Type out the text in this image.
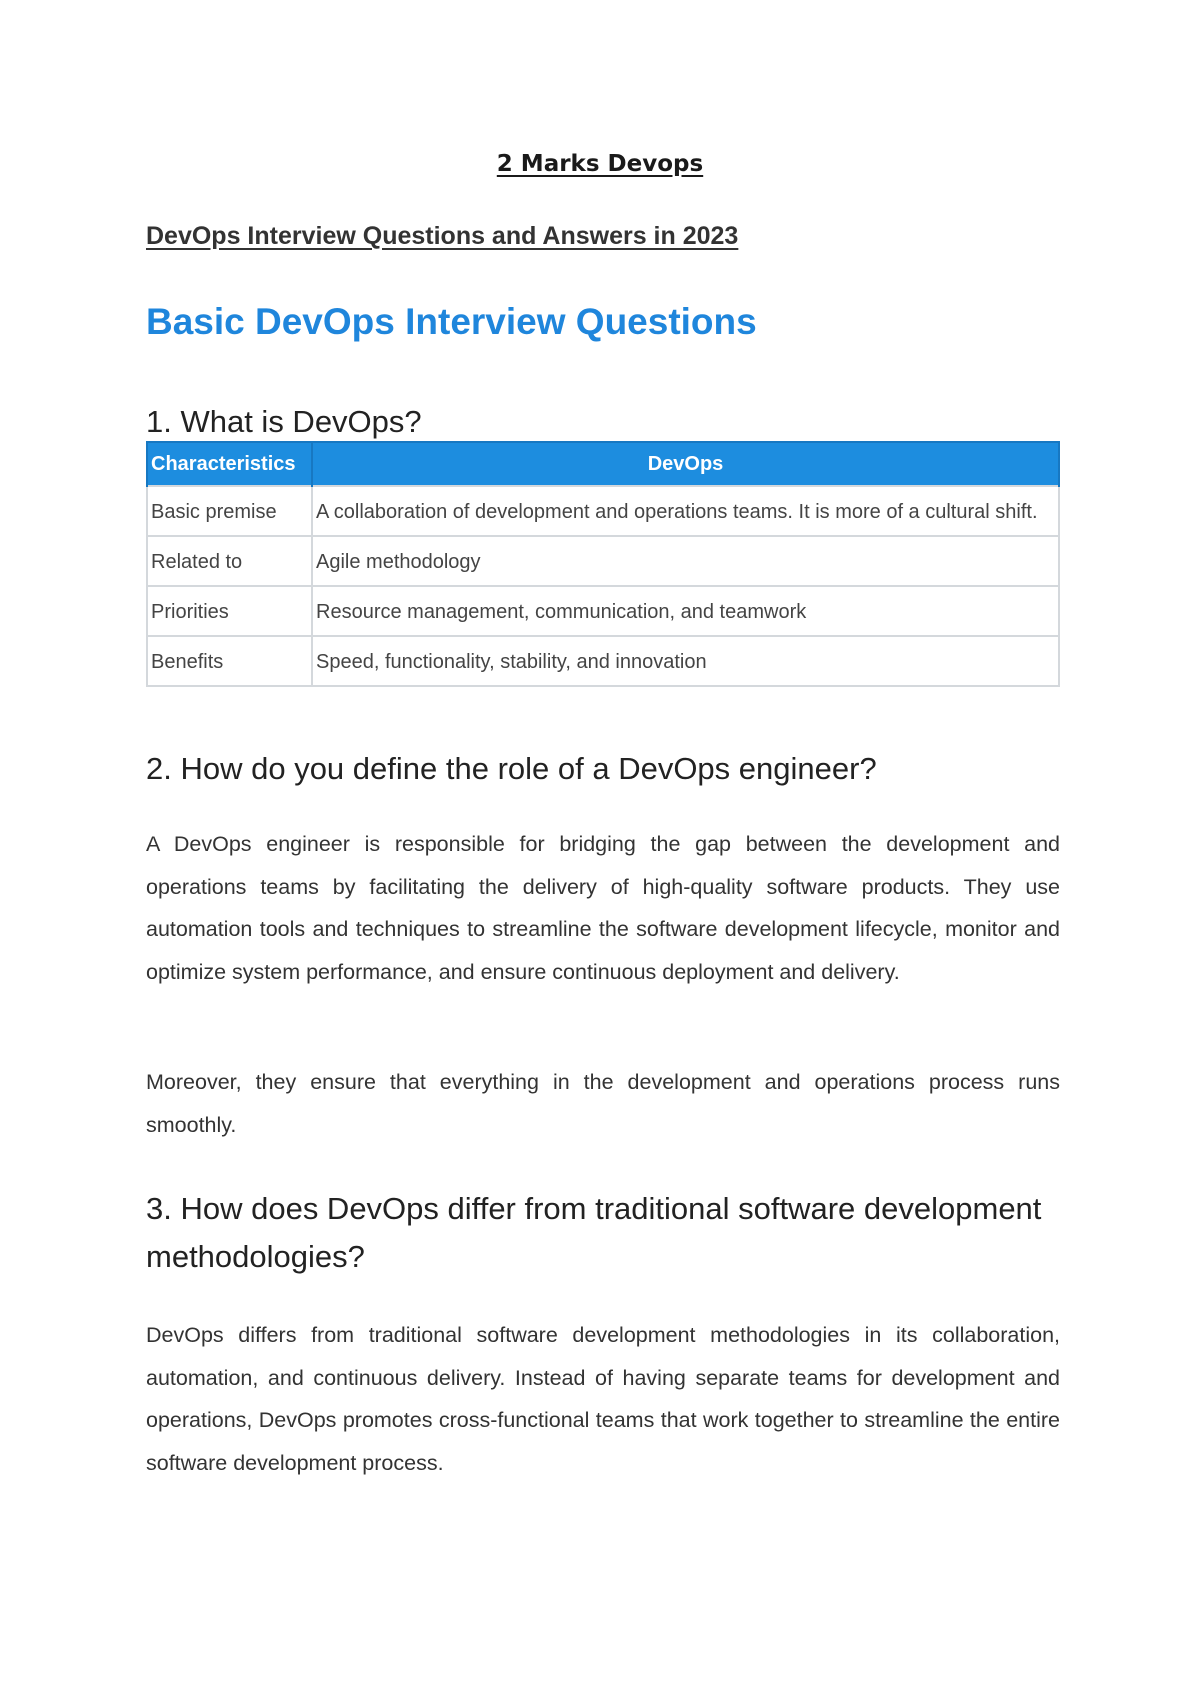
2 Marks Devops
DevOps Interview Questions and Answers in 2023
Basic DevOps Interview Questions
1. What is DevOps?
Characteristics	DevOps
Basic premise	A collaboration of development and operations teams. It is more of a cultural shift.
Related to	Agile methodology
Priorities	Resource management, communication, and teamwork
Benefits	Speed, functionality, stability, and innovation
2. How do you define the role of a DevOps engineer?
A DevOps engineer is responsible for bridging the gap between the development and operations teams by facilitating the delivery of high-quality software products. They use automation tools and techniques to streamline the software development lifecycle, monitor and optimize system performance, and ensure continuous deployment and delivery.
Moreover, they ensure that everything in the development and operations process runs smoothly.
3. How does DevOps differ from traditional software development methodologies?
DevOps differs from traditional software development methodologies in its collaboration, automation, and continuous delivery. Instead of having separate teams for development and operations, DevOps promotes cross-functional teams that work together to streamline the entire software development process.
